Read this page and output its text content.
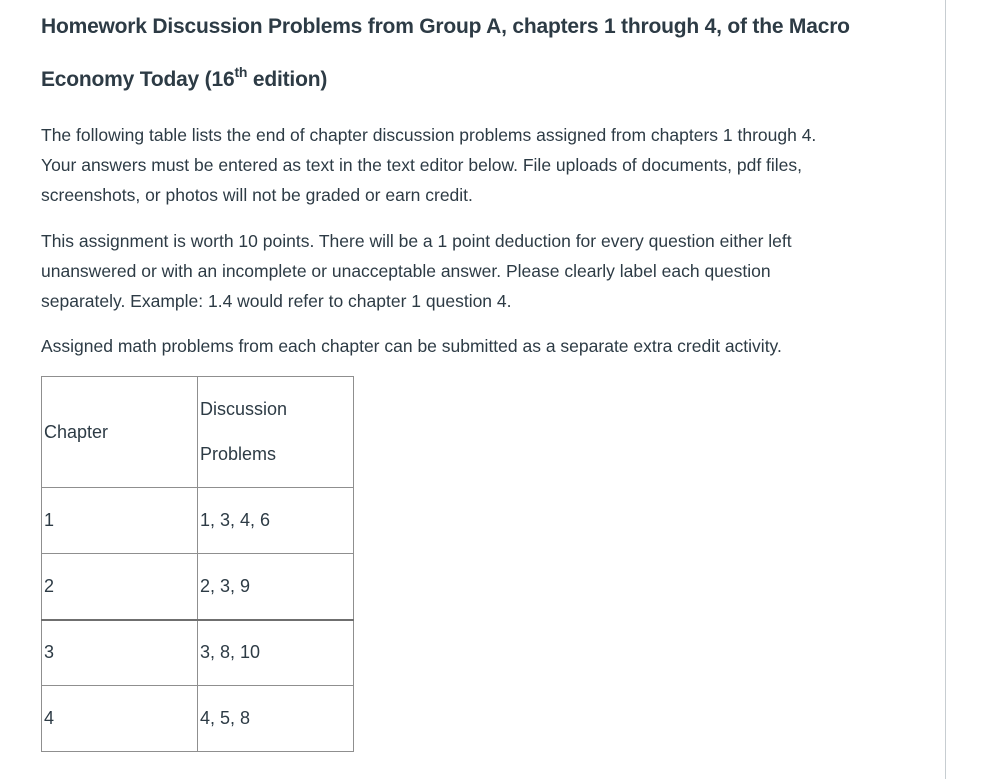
Homework Discussion Problems from Group A, chapters 1 through 4, of the Macro
Economy Today (16th edition)

The following table lists the end of chapter discussion problems assigned from chapters 1 through 4.
Your answers must be entered as text in the text editor below. File uploads of documents, pdf files,
screenshots, or photos will not be graded or earn credit.

This assignment is worth 10 points. There will be a 1 point deduction for every question either left
unanswered or with an incomplete or unacceptable answer. Please clearly label each question
separately. Example: 1.4 would refer to chapter 1 question 4.

Assigned math problems from each chapter can be submitted as a separate extra credit activity.

Chapter	Discussion
Problems

1	1, 3, 4, 6
2	2, 3, 9
3	3, 8, 10
4	4, 5, 8
